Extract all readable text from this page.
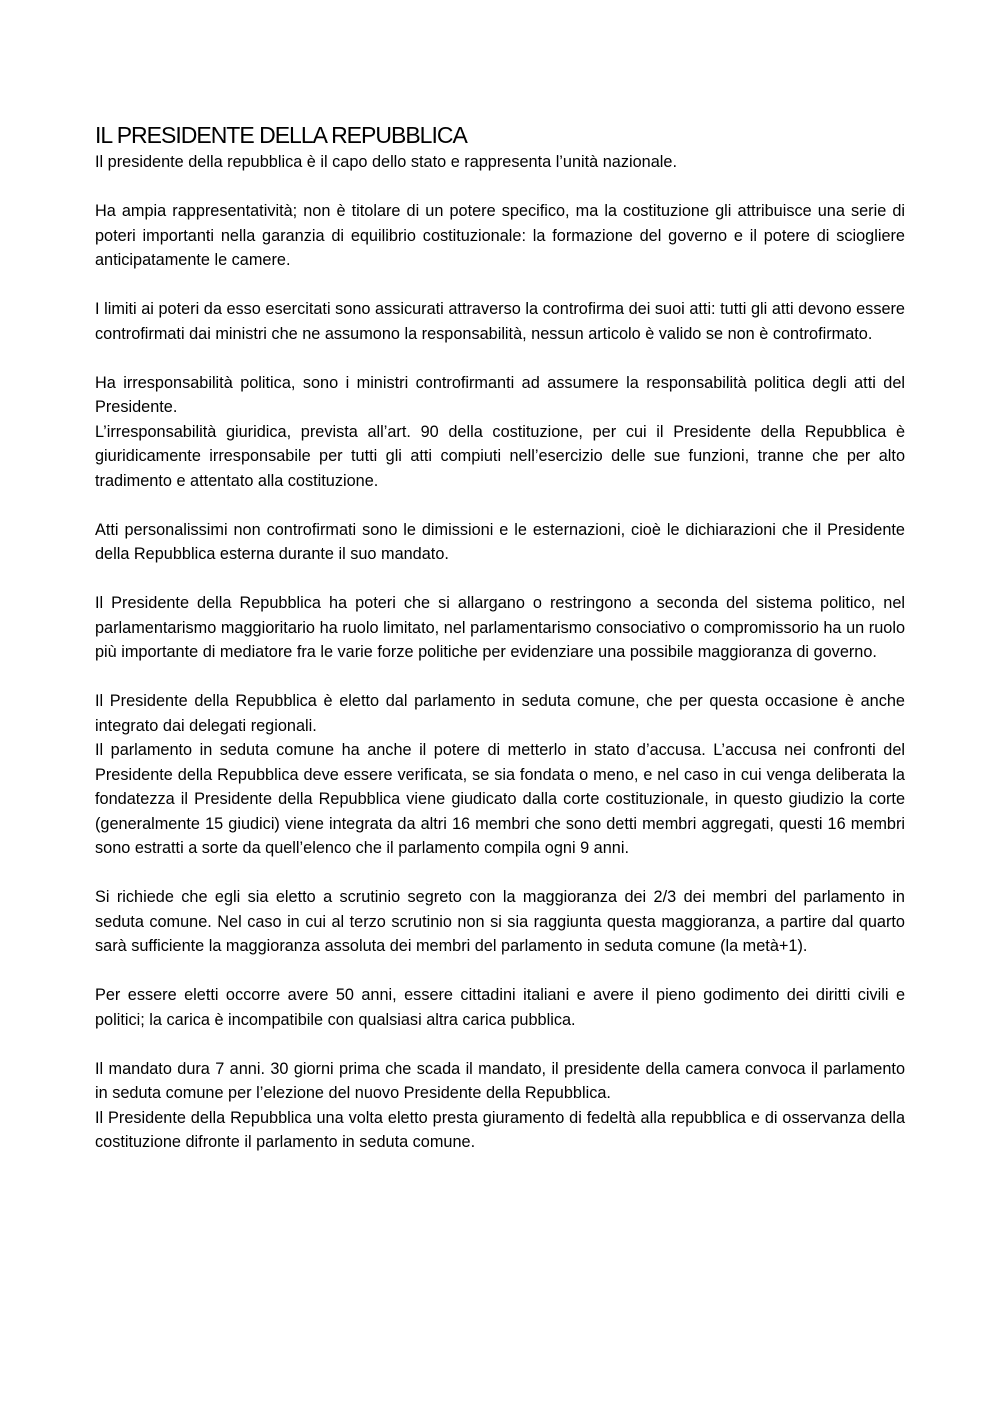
IL PRESIDENTE DELLA REPUBBLICA

Il presidente della repubblica è il capo dello stato e rappresenta l’unità nazionale.

Ha ampia rappresentatività; non è titolare di un potere specifico, ma la costituzione gli attribuisce una serie di poteri importanti nella garanzia di equilibrio costituzionale: la formazione del governo e il potere di sciogliere anticipatamente le camere.

I limiti ai poteri da esso esercitati sono assicurati attraverso la controfirma dei suoi atti: tutti gli atti devono essere controfirmati dai ministri che ne assumono la responsabilità, nessun articolo è valido se non è controfirmato.

Ha irresponsabilità politica, sono i ministri controfirmanti ad assumere la responsabilità politica degli atti del Presidente.

L’irresponsabilità giuridica, prevista all’art. 90 della costituzione, per cui il Presidente della Repubblica è giuridicamente irresponsabile per tutti gli atti compiuti nell’esercizio delle sue funzioni, tranne che per alto tradimento e attentato alla costituzione.

Atti personalissimi non controfirmati sono le dimissioni e le esternazioni, cioè le dichiarazioni che il Presidente della Repubblica esterna durante il suo mandato.

Il Presidente della Repubblica ha poteri che si allargano o restringono a seconda del sistema politico, nel parlamentarismo maggioritario ha ruolo limitato, nel parlamentarismo consociativo o compromissorio ha un ruolo più importante di mediatore fra le varie forze politiche per evidenziare una possibile maggioranza di governo.

Il Presidente della Repubblica è eletto dal parlamento in seduta comune, che per questa occasione è anche integrato dai delegati regionali.

Il parlamento in seduta comune ha anche il potere di metterlo in stato d’accusa. L’accusa nei confronti del Presidente della Repubblica deve essere verificata, se sia fondata o meno, e nel caso in cui venga deliberata la fondatezza il Presidente della Repubblica viene giudicato dalla corte costituzionale, in questo giudizio la corte (generalmente 15 giudici) viene integrata da altri 16 membri che sono detti membri aggregati, questi 16 membri sono estratti a sorte da quell’elenco che il parlamento compila ogni 9 anni.

Si richiede che egli sia eletto a scrutinio segreto con la maggioranza dei 2/3 dei membri del parlamento in seduta comune. Nel caso in cui al terzo scrutinio non si sia raggiunta questa maggioranza, a partire dal quarto sarà sufficiente la maggioranza assoluta dei membri del parlamento in seduta comune (la metà+1).

Per essere eletti occorre avere 50 anni, essere cittadini italiani e avere il pieno godimento dei diritti civili e politici; la carica è incompatibile con qualsiasi altra carica pubblica.

Il mandato dura 7 anni. 30 giorni prima che scada il mandato, il presidente della camera convoca il parlamento in seduta comune per l’elezione del nuovo Presidente della Repubblica.

Il Presidente della Repubblica una volta eletto presta giuramento di fedeltà alla repubblica e di osservanza della costituzione difronte il parlamento in seduta comune.
